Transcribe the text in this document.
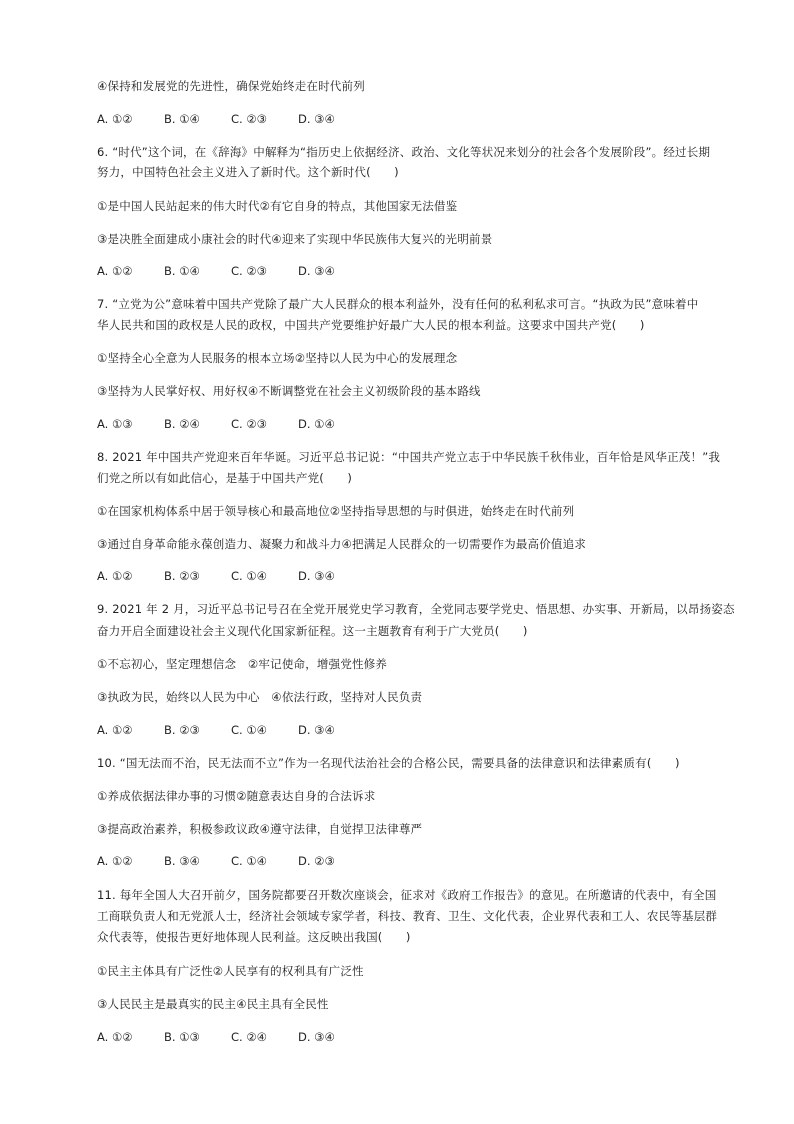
④保持和发展党的先进性，确保党始终走在时代前列
A. ①②	B. ①④	C. ②③	D. ③④
6. “时代”这个词，在《辞海》中解释为“指历史上依据经济、政治、文化等状况来划分的社会各个发展阶段”。经过长期
努力，中国特色社会主义进入了新时代。这个新时代(　　)
①是中国人民站起来的伟大时代②有它自身的特点，其他国家无法借鉴
③是决胜全面建成小康社会的时代④迎来了实现中华民族伟大复兴的光明前景
A. ①②	B. ①④	C. ②③	D. ③④
7. “立党为公”意味着中国共产党除了最广大人民群众的根本利益外，没有任何的私利私求可言。“执政为民”意味着中
华人民共和国的政权是人民的政权，中国共产党要维护好最广大人民的根本利益。这要求中国共产党(　　)
①坚持全心全意为人民服务的根本立场②坚持以人民为中心的发展理念
③坚持为人民掌好权、用好权④不断调整党在社会主义初级阶段的基本路线
A. ①③	B. ②④	C. ②③	D. ①④
8. 2021 年中国共产党迎来百年华诞。习近平总书记说：“中国共产党立志于中华民族千秋伟业，百年恰是风华正茂！”我
们党之所以有如此信心，是基于中国共产党(　　)
①在国家机构体系中居于领导核心和最高地位②坚持指导思想的与时俱进，始终走在时代前列
③通过自身革命能永葆创造力、凝聚力和战斗力④把满足人民群众的一切需要作为最高价值追求
A. ①②	B. ②③	C. ①④	D. ③④
9. 2021 年 2 月，习近平总书记号召在全党开展党史学习教育，全党同志要学党史、悟思想、办实事、开新局，以昂扬姿态
奋力开启全面建设社会主义现代化国家新征程。这一主题教育有利于广大党员(　　)
①不忘初心，坚定理想信念　②牢记使命，增强党性修养
③执政为民，始终以人民为中心　④依法行政，坚持对人民负责
A. ①②	B. ②③	C. ①④	D. ③④
10. “国无法而不治，民无法而不立”作为一名现代法治社会的合格公民，需要具备的法律意识和法律素质有(　　)
①养成依据法律办事的习惯②随意表达自身的合法诉求
③提高政治素养，积极参政议政④遵守法律，自觉捍卫法律尊严
A. ①②	B. ③④	C. ①④	D. ②③
11. 每年全国人大召开前夕，国务院都要召开数次座谈会，征求对《政府工作报告》的意见。在所邀请的代表中，有全国
工商联负责人和无党派人士，经济社会领域专家学者，科技、教育、卫生、文化代表，企业界代表和工人、农民等基层群
众代表等，使报告更好地体现人民利益。这反映出我国(　　)
①民主主体具有广泛性②人民享有的权利具有广泛性
③人民民主是最真实的民主④民主具有全民性
A. ①②	B. ①③	C. ②④	D. ③④
